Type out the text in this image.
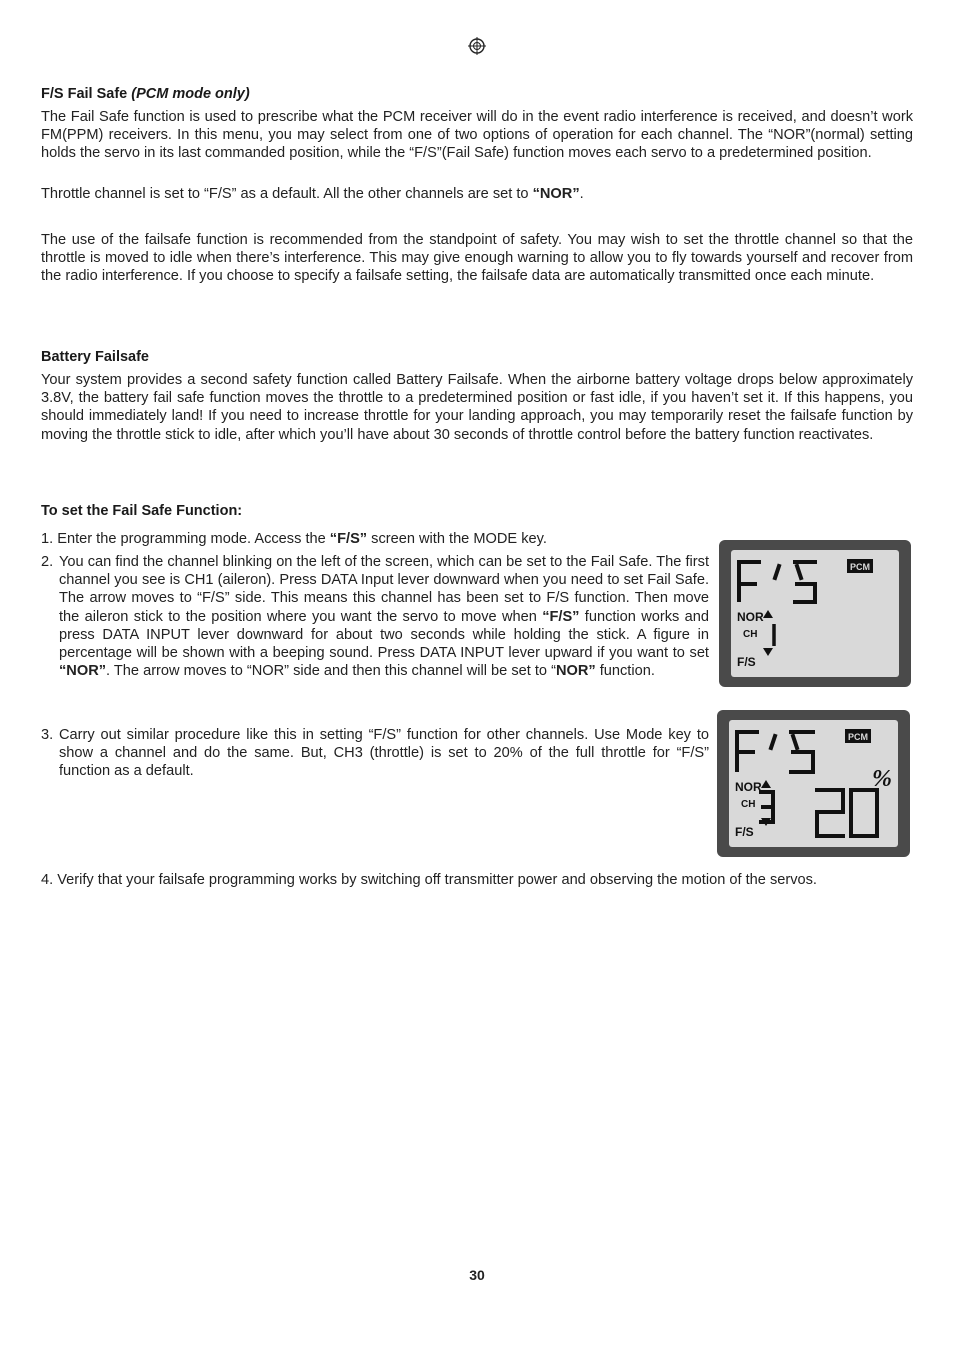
F/S Fail Safe (PCM mode only)

The Fail Safe function is used to prescribe what the PCM receiver will do in the event radio interference is received, and doesn’t work FM(PPM) receivers. In this menu, you may select from one of two options of operation for each channel. The “NOR”(normal) setting holds the servo in its last commanded position, while the “F/S”(Fail Safe) function moves each servo to a predetermined position.

Throttle channel is set to “F/S” as a default. All the other channels are set to “NOR”.

The use of the failsafe function is recommended from the standpoint of safety. You may wish to set the throttle channel so that the throttle is moved to idle when there’s interference. This may give enough warning to allow you to fly towards yourself and recover from the radio interference. If you choose to specify a failsafe setting, the failsafe data are automatically transmitted once each minute.

Battery Failsafe

Your system provides a second safety function called Battery Failsafe. When the airborne battery voltage drops below approximately 3.8V, the battery fail safe function moves the throttle to a predetermined position or fast idle, if you haven’t set it. If this happens, you should immediately land! If you need to increase throttle for your landing approach, you may temporarily reset the failsafe function by moving the throttle stick to idle, after which you’ll have about 30 seconds of throttle control before the battery function reactivates.

To set the Fail Safe Function:
1. Enter the programming mode. Access the “F/S” screen with the MODE key.
2. You can find the channel blinking on the left of the screen, which can be set to the Fail Safe. The first channel you see is CH1 (aileron). Press DATA Input lever downward when you need to set Fail Safe. The arrow moves to “F/S” side. This means this channel has been set to F/S function. Then move the aileron stick to the position where you want the servo to move when “F/S” function works and press DATA INPUT lever downward for about two seconds while holding the stick. A figure in percentage will be shown with a beeping sound. Press DATA INPUT lever upward if you want to set “NOR”. The arrow moves to “NOR” side and then this channel will be set to “NOR” function.
3. Carry out similar procedure like this in setting “F/S” function for other channels. Use Mode key to show a channel and do the same. But, CH3 (throttle) is set to 20% of the full throttle for “F/S” function as a default.
4. Verify that your failsafe programming works by switching off transmitter power and observing the motion of the servos.
PCM
NOR
CH
F/S
PCM
%
NOR
CH
F/S
30
